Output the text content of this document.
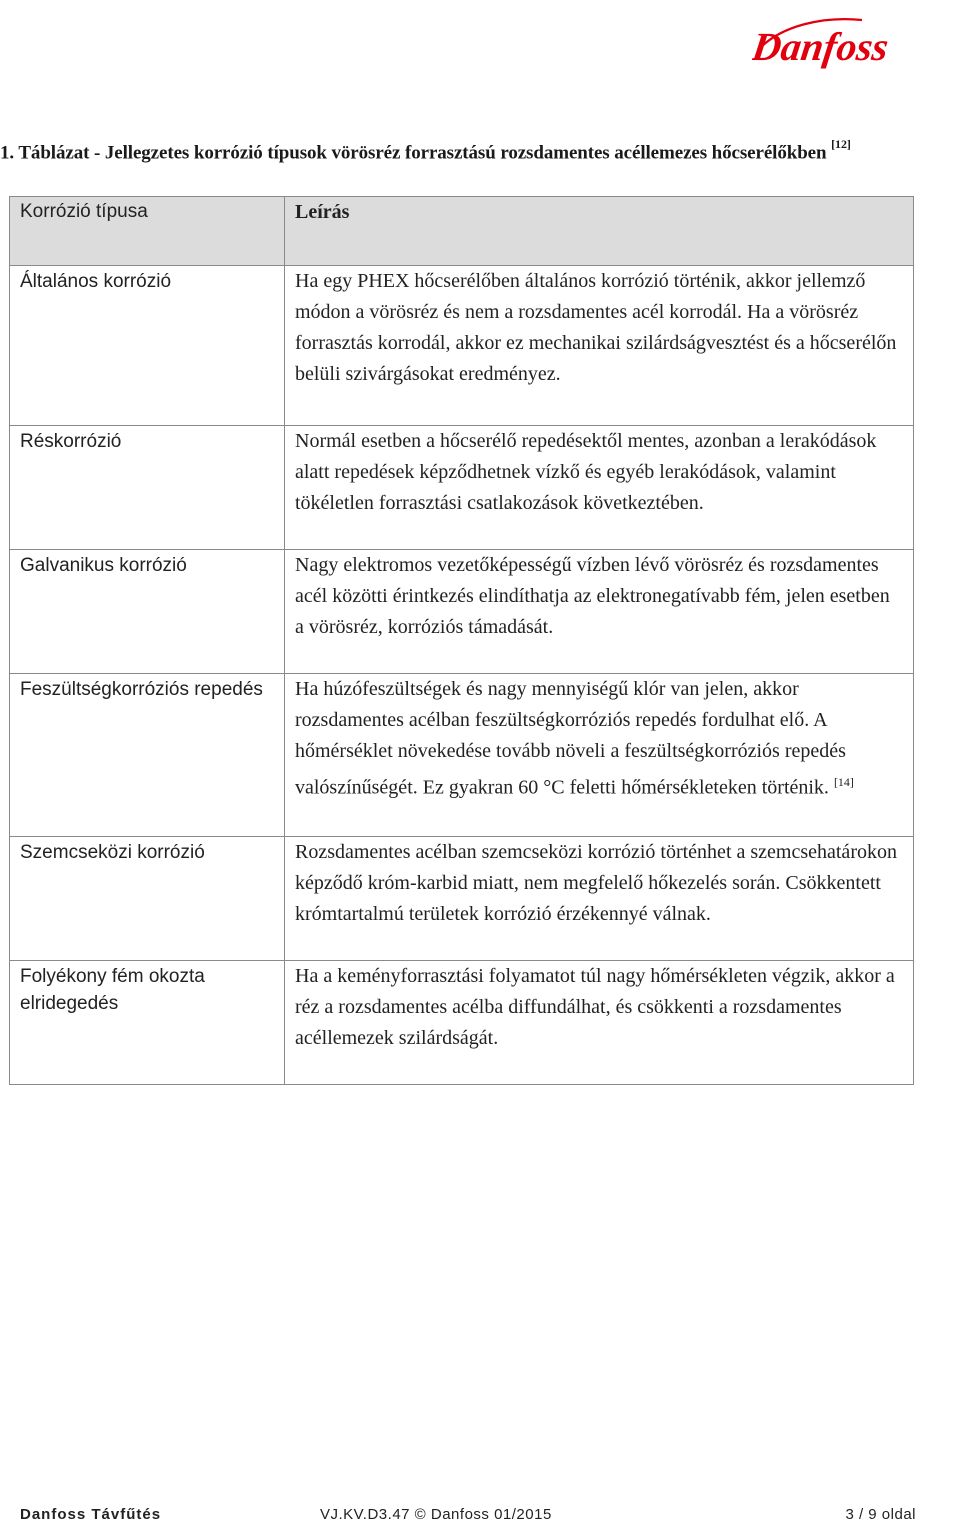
Danfoss
1. Táblázat - Jellegzetes korrózió típusok vörösréz forrasztású rozsdamentes acéllemezes hőcserélőkben [12]
Korrózió típusa	Leírás
Általános korrózió	Ha egy PHEX hőcserélőben általános korrózió történik, akkor jellemző módon a vörösréz és nem a rozsdamentes acél korrodál. Ha a vörösréz forrasztás korrodál, akkor ez mechanikai szilárdságvesztést és a hőcserélőn belüli szivárgásokat eredményez.
Réskorrózió	Normál esetben a hőcserélő repedésektől mentes, azonban a lerakódások alatt repedések képződhetnek vízkő és egyéb lerakódások, valamint tökéletlen forrasztási csatlakozások következtében.
Galvanikus korrózió	Nagy elektromos vezetőképességű vízben lévő vörösréz és rozsdamentes acél közötti érintkezés elindíthatja az elektronegatívabb fém, jelen esetben a vörösréz, korróziós támadását.
Feszültségkorróziós repedés	Ha húzófeszültségek és nagy mennyiségű klór van jelen, akkor rozsdamentes acélban feszültségkorróziós repedés fordulhat elő. A hőmérséklet növekedése tovább növeli a feszültségkorróziós repedés valószínűségét. Ez gyakran 60 °C feletti hőmérsékleteken történik. [14]
Szemcseközi korrózió	Rozsdamentes acélban szemcseközi korrózió történhet a szemcsehatárokon képződő króm-karbid miatt, nem megfelelő hőkezelés során. Csökkentett krómtartalmú területek korrózió érzékennyé válnak.
Folyékony fém okozta elridegedés	Ha a keményforrasztási folyamatot túl nagy hőmérsékleten végzik, akkor a réz a rozsdamentes acélba diffundálhat, és csökkenti a rozsdamentes acéllemezek szilárdságát.
Danfoss Távfűtés	VJ.KV.D3.47 © Danfoss 01/2015	3 / 9 oldal
